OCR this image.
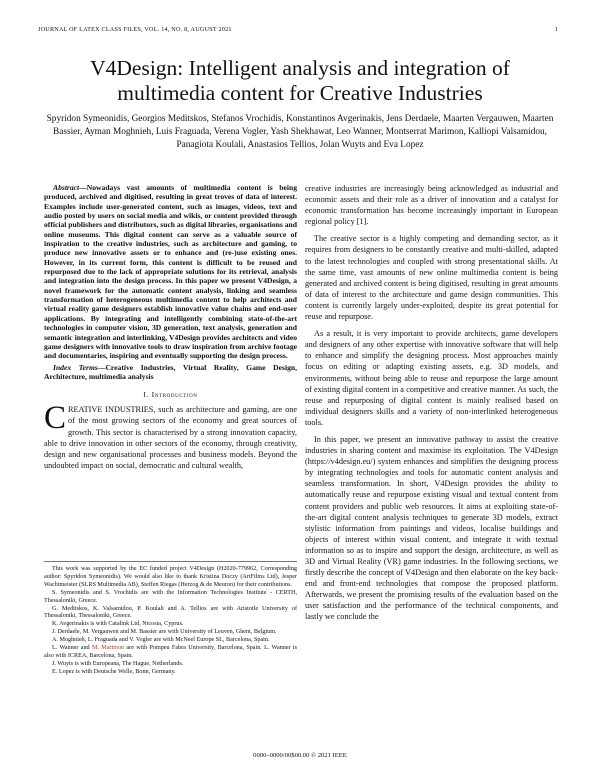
JOURNAL OF LATEX CLASS FILES, VOL. 14, NO. 8, AUGUST 2021	1
V4Design: Intelligent analysis and integration of multimedia content for Creative Industries
Spyridon Symeonidis, Georgios Meditskos, Stefanos Vrochidis, Konstantinos Avgerinakis, Jens Derdaele, Maarten Vergauwen, Maarten Bassier, Ayman Moghnieh, Luis Fraguada, Verena Vogler, Yash Shekhawat, Leo Wanner, Montserrat Marimon, Kalliopi Valsamidou, Panagiota Koulali, Anastasios Tellios, Jolan Wuyts and Eva Lopez

Abstract—Nowadays vast amounts of multimedia content is being produced, archived and digitised, resulting in great troves of data of interest. Examples include user-generated content, such as images, videos, text and audio posted by users on social media and wikis, or content provided through official publishers and distributors, such as digital libraries, organisations and online museums. This digital content can serve as a valuable source of inspiration to the creative industries, such as architecture and gaming, to produce new innovative assets or to enhance and (re-)use existing ones. However, in its current form, this content is difficult to be reused and repurposed due to the lack of appropriate solutions for its retrieval, analysis and integration into the design process. In this paper we present V4Design, a novel framework for the automatic content analysis, linking and seamless transformation of heterogeneous multimedia content to help architects and virtual reality game designers establish innovative value chains and end-user applications. By integrating and intelligently combining state-of-the-art technologies in computer vision, 3D generation, text analysis, generation and semantic integration and interlinking, V4Design provides architects and video game designers with innovative tools to draw inspiration from archive footage and documentaries, inspiring and eventually supporting the design process.

Index Terms—Creative Industries, Virtual Reality, Game Design, Architecture, multimedia analysis

I. Introduction

CREATIVE INDUSTRIES, such as architecture and gaming, are one of the most growing sectors of the economy and great sources of growth. This sector is characterised by a strong innovation capacity, able to drive innovation in other sectors of the economy, through creativity, design and new organisational processes and business models. Beyond the undoubted impact on social, democratic and cultural wealth,

This work was supported by the EC funded project V4Design (H2020-779962, Corresponding author: Spyridon Symeonidis). We would also like to thank Kristina Doczy (ArtFilms Ltd), Jesper Wachtmeister (SLRS Multimedia AB), Steffen Riegas (Herzog & de Meuron) for their contributions.

S. Symeonidis and S. Vrochidis are with the Information Technologies Institute - CERTH, Thessaloniki, Greece.

G. Meditskos, K. Valsamidou, P. Koulali and A. Tellios are with Aristotle University of Thessaloniki, Thessaloniki, Greece.

K. Avgerinakis is with Catalink Ltd, Nicosia, Cyprus.

J. Derdaele, M. Vergauwen and M. Bassier are with University of Leuven, Ghent, Belgium.

A. Moghnieh, L. Fraguada and V. Vogler are with McNeel Europe SL, Barcelona, Spain.

L. Wanner and M. Marimon are with Pompeu Fabra University, Barcelona, Spain. L. Wanner is also with ICREA, Barcelona, Spain.

J. Wuyts is with Europeana, The Hague, Netherlands.

E. Lopez is with Deutsche Welle, Bonn, Germany.

creative industries are increasingly being acknowledged as industrial and economic assets and their role as a driver of innovation and a catalyst for economic transformation has become increasingly important in European regional policy [1].

The creative sector is a highly competing and demanding sector, as it requires from designers to be constantly creative and multi-skilled, adapted to the latest technologies and coupled with strong presentational skills. At the same time, vast amounts of new online multimedia content is being generated and archived content is being digitised, resulting in great amounts of data of interest to the architecture and game design communities. This content is currently largely under-exploited, despite its great potential for reuse and repurpose.

As a result, it is very important to provide architects, game developers and designers of any other expertise with innovative software that will help to enhance and simplify the designing process. Most approaches mainly focus on editing or adapting existing assets, e.g. 3D models, and environments, without being able to reuse and repurpose the large amount of existing digital content in a competitive and creative manner. As such, the reuse and repurposing of digital content is mainly realised based on individual designers skills and a variety of non-interlinked heterogeneous tools.

In this paper, we present an innovative pathway to assist the creative industries in sharing content and maximise its exploitation. The V4Design (https://v4design.eu/) system enhances and simplifies the designing process by integrating technologies and tools for automatic content analysis and seamless transformation. In short, V4Design provides the ability to automatically reuse and repurpose existing visual and textual content from content providers and public web resources. It aims at exploiting state-of-the-art digital content analysis techniques to generate 3D models, extract stylistic information from paintings and videos, localise buildings and objects of interest within visual content, and integrate it with textual information so as to inspire and support the design, architecture, as well as 3D and Virtual Reality (VR) game industries. In the following sections, we firstly describe the concept of V4Design and then elaborate on the key back-end and front-end technologies that compose the proposed platform. Afterwards, we present the promising results of the evaluation based on the user satisfaction and the performance of the technical components, and lastly we conclude the

0000–0000/00$00.00 © 2021 IEEE
